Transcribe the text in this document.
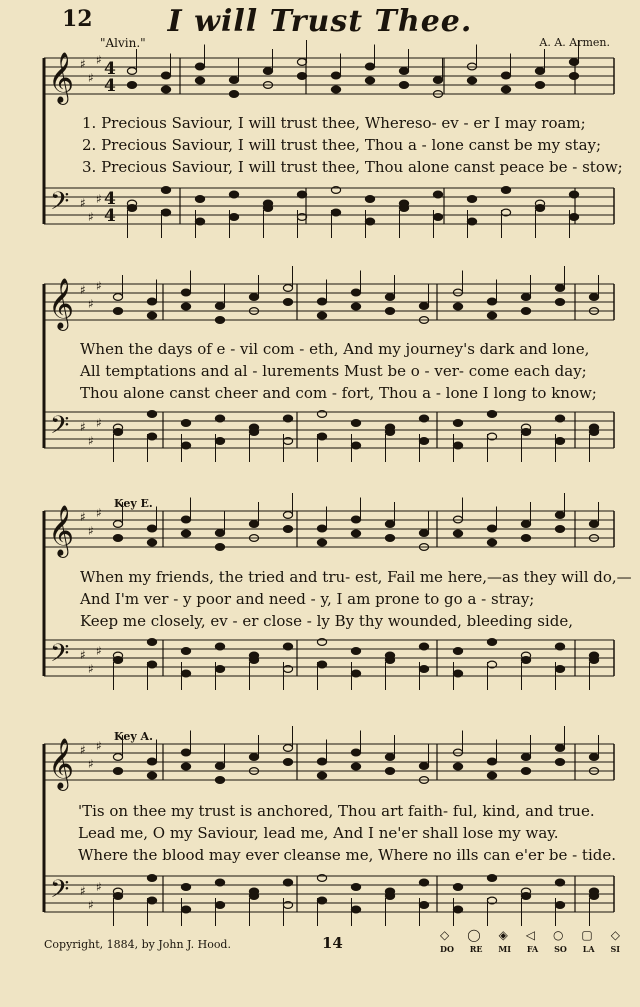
12	I will Trust Thee.
"Alvin."	A. A. Armen.
𝄞
𝄢
♯
♯
♯
♯
♯
♯
4
4
4
4
𝄞
𝄢
♯
♯
♯
♯
♯
♯
𝄞
𝄢
♯
♯
♯
♯
♯
♯
𝄞
𝄢
♯
♯
♯
♯
♯
♯
Key E.
Key A.
1. Precious Saviour, I will trust thee, Whereso- ev - er I may roam;
2. Precious Saviour, I will trust thee, Thou a - lone canst be my stay;
3. Precious Saviour, I will trust thee, Thou alone canst peace be - stow;
When the days of e - vil com - eth, And my journey's dark and lone,
All temptations and al - lurements Must be o - ver- come each day;
Thou alone canst cheer and com - fort, Thou a - lone I long to know;
When my friends, the tried and tru- est, Fail me here,—as they will do,—
And I'm ver - y poor and need - y, I am prone to go a - stray;
Keep me closely, ev - er close - ly By thy wounded, bleeding side,
'Tis on thee my trust is anchored, Thou art faith- ful, kind, and true.
Lead me, O my Saviour, lead me, And I ne'er shall lose my way.
Where the blood may ever cleanse me, Where no ills can e'er be - tide.
Copyright, 1884, by John J. Hood.	14	◇ ◯ ◈ ◁ ○ ▢ ◇
DO RE MI FA SO LA SI
